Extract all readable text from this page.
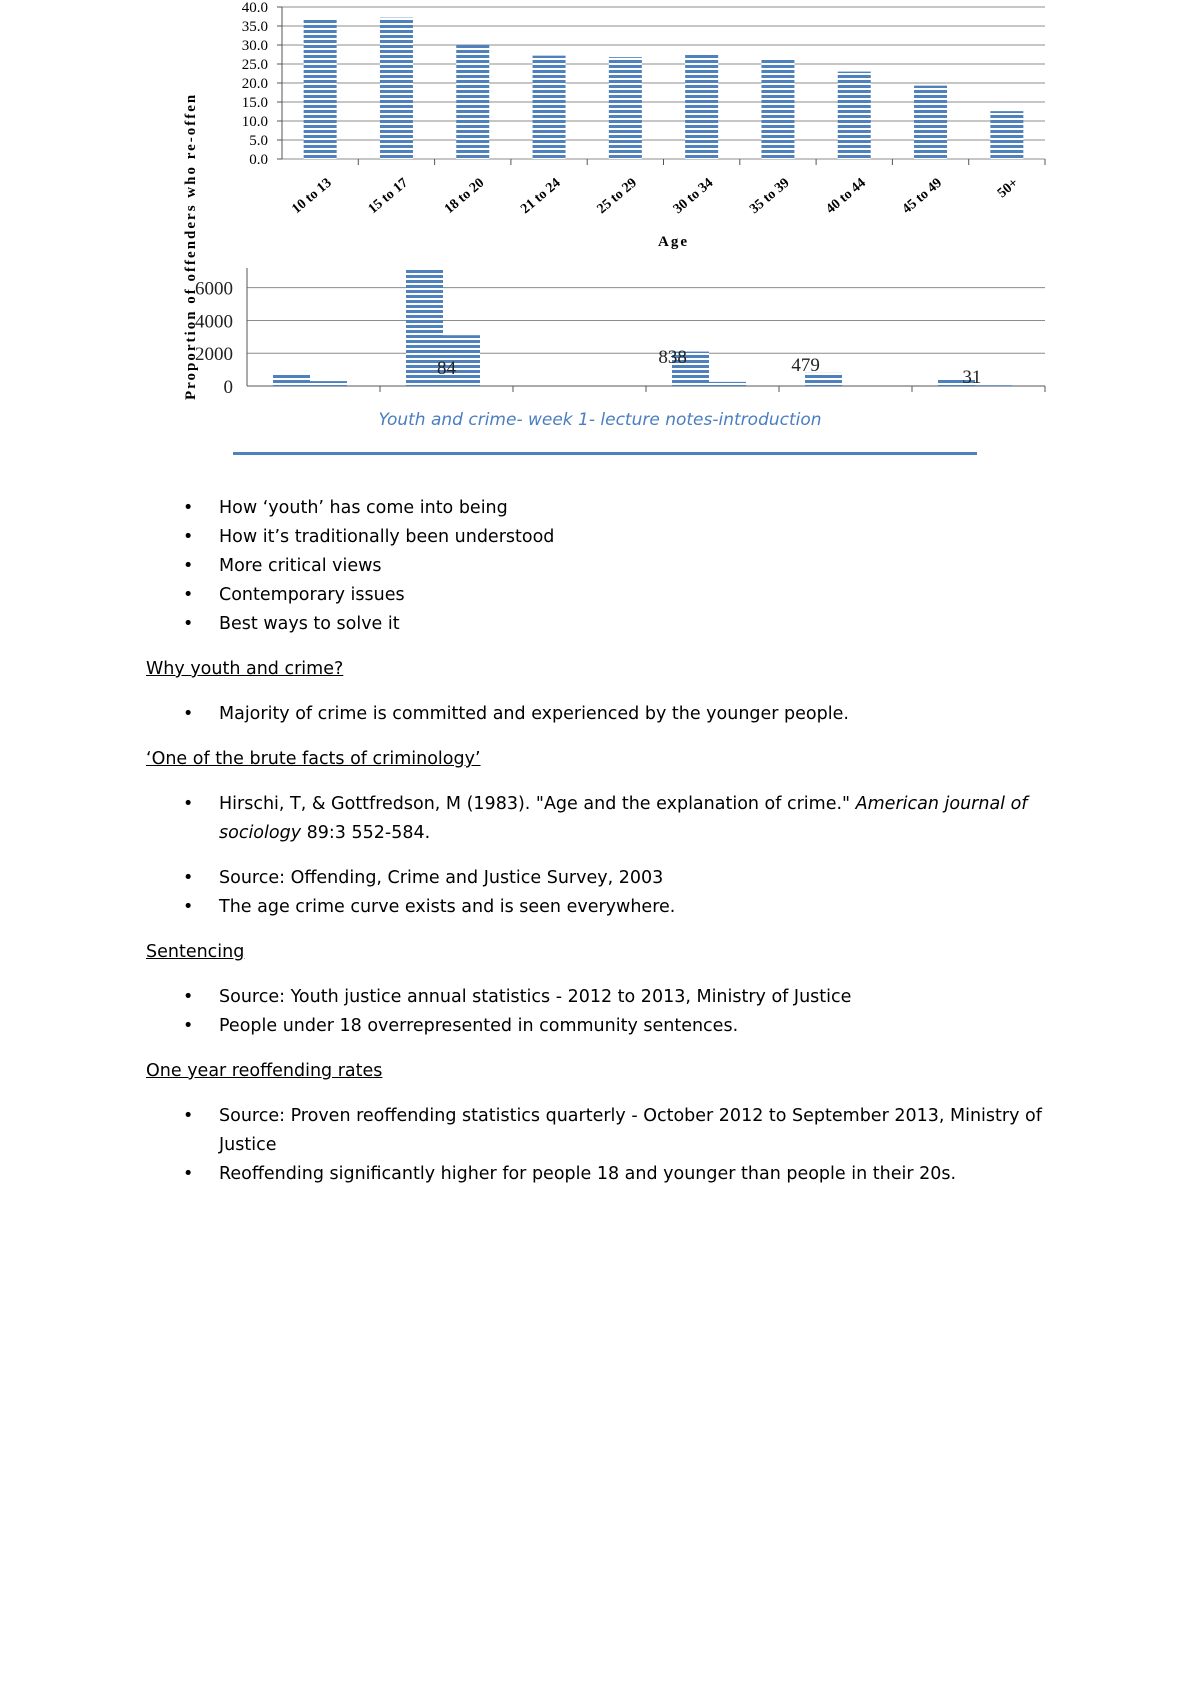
0.0
5.0
10.0
15.0
20.0
25.0
30.0
35.0
40.0
10 to 13 15 to 17 18 to 20 21 to 24 25 to 29 30 to 34 35 to 39 40 to 44 45 to 49	50+
Age
0
2000
4000
6000
84
838	479
31
Proportion of offenders who re-offen
Youth and crime- week 1- lecture notes-introduction
• How ‘youth’ has come into being
• How it’s traditionally been understood
• More critical views
• Contemporary issues
• Best ways to solve it
Why youth and crime?
• Majority of crime is committed and experienced by the younger people.
‘One of the brute facts of criminology’
• Hirschi, T, & Gottfredson, M (1983). "Age and the explanation of crime." American journal of sociology 89:3 552-584.
• Source: Offending, Crime and Justice Survey, 2003
• The age crime curve exists and is seen everywhere.
Sentencing
• Source: Youth justice annual statistics - 2012 to 2013, Ministry of Justice
• People under 18 overrepresented in community sentences.
One year reoffending rates
• Source: Proven reoffending statistics quarterly - October 2012 to September 2013, Ministry of Justice
• Reoffending significantly higher for people 18 and younger than people in their 20s.
